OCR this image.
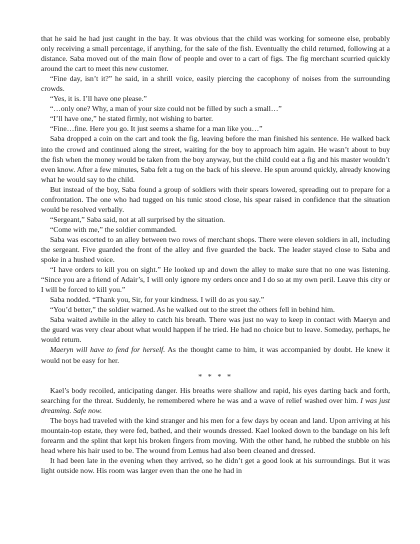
that he said he had just caught in the bay. It was obvious that the child was working for someone else, probably only receiving a small percentage, if anything, for the sale of the fish. Eventually the child returned, following at a distance. Saba moved out of the main flow of people and over to a cart of figs. The fig merchant scurried quickly around the cart to meet this new customer.

“Fine day, isn’t it?” he said, in a shrill voice, easily piercing the cacophony of noises from the surrounding crowds.

“Yes, it is. I’ll have one please.”

“…only one? Why, a man of your size could not be filled by such a small…”

“I’ll have one,” he stated firmly, not wishing to barter.

“Fine…fine. Here you go. It just seems a shame for a man like you…”

Saba dropped a coin on the cart and took the fig, leaving before the man finished his sentence. He walked back into the crowd and continued along the street, waiting for the boy to approach him again. He wasn’t about to buy the fish when the money would be taken from the boy anyway, but the child could eat a fig and his master wouldn’t even know. After a few minutes, Saba felt a tug on the back of his sleeve. He spun around quickly, already knowing what he would say to the child.

But instead of the boy, Saba found a group of soldiers with their spears lowered, spreading out to prepare for a confrontation. The one who had tugged on his tunic stood close, his spear raised in confidence that the situation would be resolved verbally.

“Sergeant,” Saba said, not at all surprised by the situation.

“Come with me,” the soldier commanded.

Saba was escorted to an alley between two rows of merchant shops. There were eleven soldiers in all, including the sergeant. Five guarded the front of the alley and five guarded the back. The leader stayed close to Saba and spoke in a hushed voice.

“I have orders to kill you on sight.” He looked up and down the alley to make sure that no one was listening. “Since you are a friend of Adair’s, I will only ignore my orders once and I do so at my own peril. Leave this city or I will be forced to kill you.”

Saba nodded. “Thank you, Sir, for your kindness. I will do as you say.”

“You’d better,” the soldier warned. As he walked out to the street the others fell in behind him.

Saba waited awhile in the alley to catch his breath. There was just no way to keep in contact with Maeryn and the guard was very clear about what would happen if he tried. He had no choice but to leave. Someday, perhaps, he would return.

Maeryn will have to fend for herself. As the thought came to him, it was accompanied by doubt. He knew it would not be easy for her.

* * * *

Kael’s body recoiled, anticipating danger. His breaths were shallow and rapid, his eyes darting back and forth, searching for the threat. Suddenly, he remembered where he was and a wave of relief washed over him. I was just dreaming. Safe now.

The boys had traveled with the kind stranger and his men for a few days by ocean and land. Upon arriving at his mountain-top estate, they were fed, bathed, and their wounds dressed. Kael looked down to the bandage on his left forearm and the splint that kept his broken fingers from moving. With the other hand, he rubbed the stubble on his head where his hair used to be. The wound from Lemus had also been cleaned and dressed.

It had been late in the evening when they arrived, so he didn’t get a good look at his surroundings. But it was light outside now. His room was larger even than the one he had in
